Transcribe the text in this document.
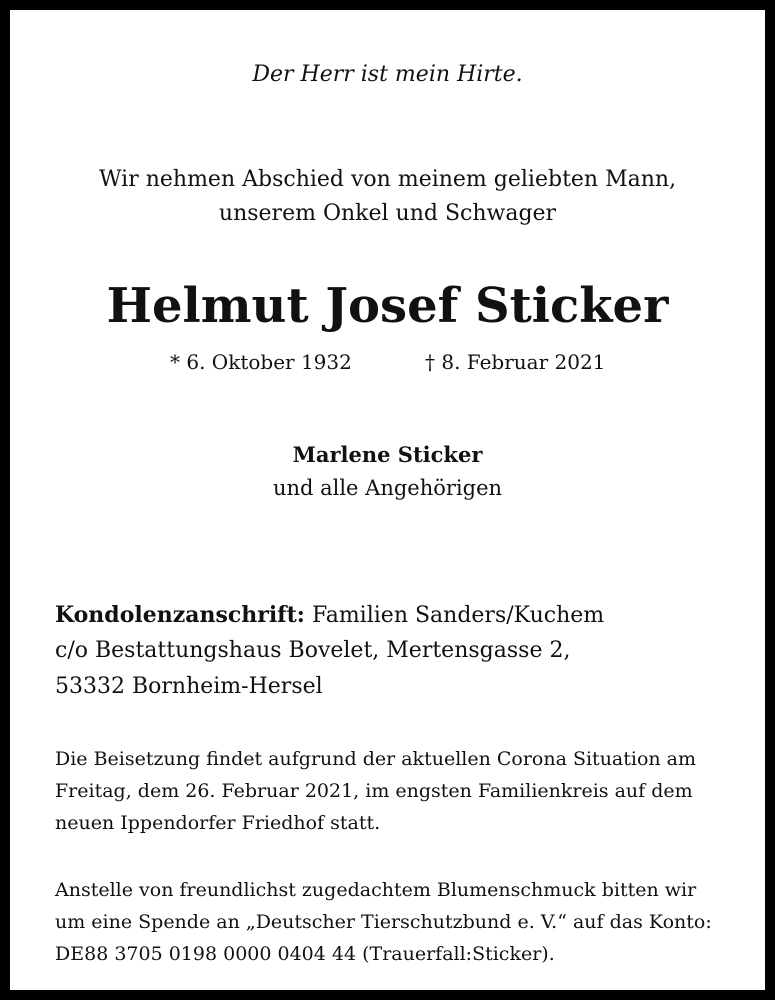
Der Herr ist mein Hirte.
Wir nehmen Abschied von meinem geliebten Mann,
unserem Onkel und Schwager
Helmut Josef Sticker
* 6. Oktober 1932	† 8. Februar 2021
Marlene Sticker
und alle Angehörigen
Kondolenzanschrift: Familien Sanders/Kuchem
c/o Bestattungshaus Bovelet, Mertensgasse 2,
53332 Bornheim-Hersel
Die Beisetzung findet aufgrund der aktuellen Corona Situation am
Freitag, dem 26. Februar 2021, im engsten Familienkreis auf dem
neuen Ippendorfer Friedhof statt.
Anstelle von freundlichst zugedachtem Blumenschmuck bitten wir
um eine Spende an „Deutscher Tierschutzbund e. V.“ auf das Konto:
DE88 3705 0198 0000 0404 44 (Trauerfall:Sticker).
